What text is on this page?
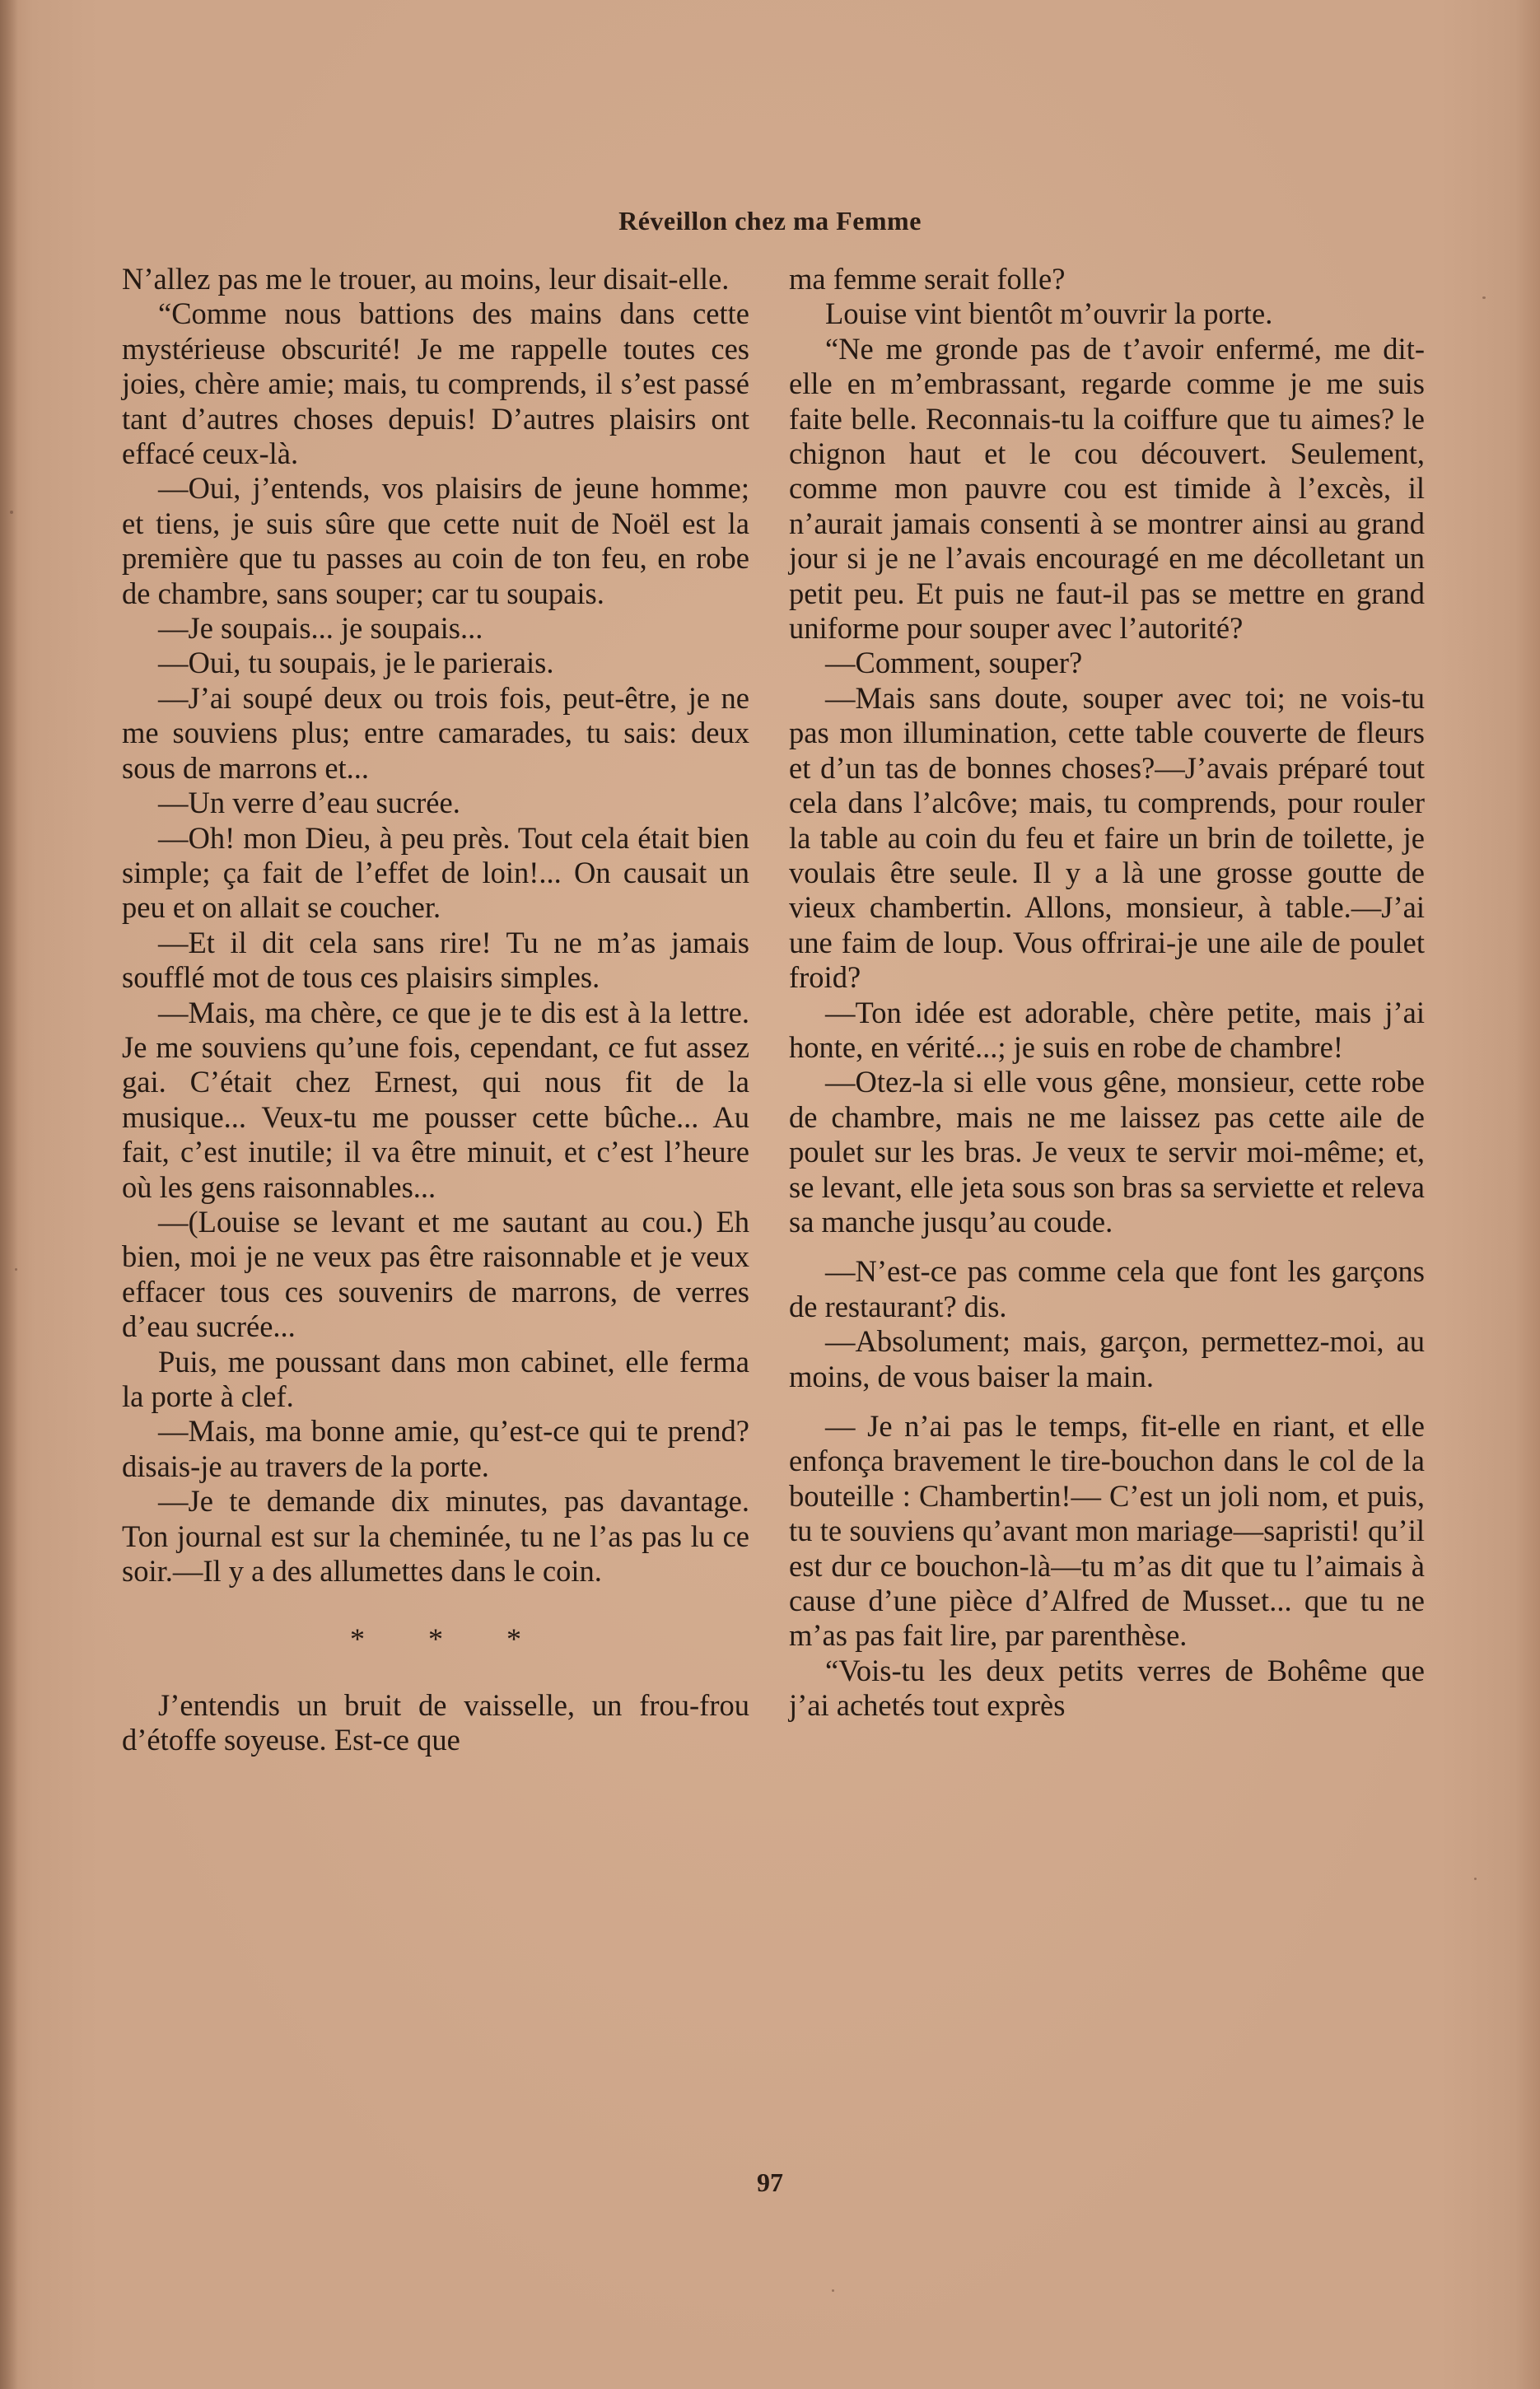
Réveillon chez ma Femme

N’allez pas me le trouer, au moins, leur disait-elle.

“Comme nous battions des mains dans cette mystérieuse obscurité! Je me rappelle toutes ces joies, chère amie; mais, tu comprends, il s’est passé tant d’autres choses depuis! D’autres plaisirs ont effacé ceux-là.

—Oui, j’entends, vos plaisirs de jeune homme; et tiens, je suis sûre que cette nuit de Noël est la première que tu passes au coin de ton feu, en robe de chambre, sans souper; car tu soupais.

—Je soupais... je soupais...

—Oui, tu soupais, je le parierais.

—J’ai soupé deux ou trois fois, peut-être, je ne me souviens plus; entre camarades, tu sais: deux sous de marrons et...

—Un verre d’eau sucrée.

—Oh! mon Dieu, à peu près. Tout cela était bien simple; ça fait de l’effet de loin!... On causait un peu et on allait se coucher.

—Et il dit cela sans rire! Tu ne m’as jamais soufflé mot de tous ces plaisirs simples.

—Mais, ma chère, ce que je te dis est à la lettre. Je me souviens qu’une fois, cependant, ce fut assez gai. C’était chez Ernest, qui nous fit de la musique... Veux-tu me pousser cette bûche... Au fait, c’est inutile; il va être minuit, et c’est l’heure où les gens raisonnables...

—(Louise se levant et me sautant au cou.) Eh bien, moi je ne veux pas être raisonnable et je veux effacer tous ces souvenirs de marrons, de verres d’eau sucrée...

Puis, me poussant dans mon cabinet, elle ferma la porte à clef.

—Mais, ma bonne amie, qu’est-ce qui te prend? disais-je au travers de la porte.

—Je te demande dix minutes, pas davantage. Ton journal est sur la cheminée, tu ne l’as pas lu ce soir.—Il y a des allumettes dans le coin.

* * *

J’entendis un bruit de vaisselle, un frou-frou d’étoffe soyeuse. Est-ce que

ma femme serait folle?

Louise vint bientôt m’ouvrir la porte.

“Ne me gronde pas de t’avoir enfermé, me dit-elle en m’embrassant, regarde comme je me suis faite belle. Reconnais-tu la coiffure que tu aimes? le chignon haut et le cou découvert. Seulement, comme mon pauvre cou est timide à l’excès, il n’aurait jamais consenti à se montrer ainsi au grand jour si je ne l’avais encouragé en me décolletant un petit peu. Et puis ne faut-il pas se mettre en grand uniforme pour souper avec l’autorité?

—Comment, souper?

—Mais sans doute, souper avec toi; ne vois-tu pas mon illumination, cette table couverte de fleurs et d’un tas de bonnes choses?—J’avais préparé tout cela dans l’alcôve; mais, tu comprends, pour rouler la table au coin du feu et faire un brin de toilette, je voulais être seule. Il y a là une grosse goutte de vieux chambertin. Allons, monsieur, à table.—J’ai une faim de loup. Vous offrirai-je une aile de poulet froid?

—Ton idée est adorable, chère petite, mais j’ai honte, en vérité...; je suis en robe de chambre!

—Otez-la si elle vous gêne, monsieur, cette robe de chambre, mais ne me laissez pas cette aile de poulet sur les bras. Je veux te servir moi-même; et, se levant, elle jeta sous son bras sa serviette et releva sa manche jusqu’au coude.

—N’est-ce pas comme cela que font les garçons de restaurant? dis.

—Absolument; mais, garçon, permettez-moi, au moins, de vous baiser la main.

— Je n’ai pas le temps, fit-elle en riant, et elle enfonça bravement le tire-bouchon dans le col de la bouteille : Chambertin!— C’est un joli nom, et puis, tu te souviens qu’avant mon mariage—sapristi! qu’il est dur ce bouchon-là—tu m’as dit que tu l’aimais à cause d’une pièce d’Alfred de Musset... que tu ne m’as pas fait lire, par parenthèse.

“Vois-tu les deux petits verres de Bohême que j’ai achetés tout exprès

97
